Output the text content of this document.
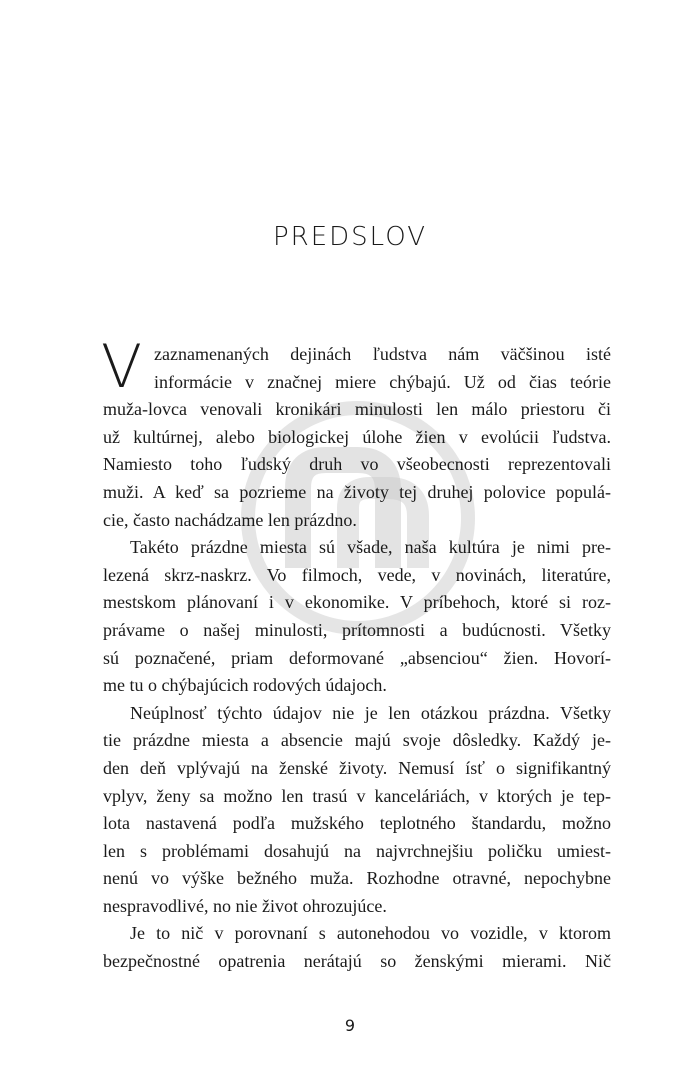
PREDSLOV
V zaznamenaných dejinách ľudstva nám väčšinou isté
informácie v značnej miere chýbajú. Už od čias teórie
muža-lovca venovali kronikári minulosti len málo priestoru či
už kultúrnej, alebo biologickej úlohe žien v evolúcii ľudstva.
Namiesto toho ľudský druh vo všeobecnosti reprezentovali
muži. A keď sa pozrieme na životy tej druhej polovice populá-
cie, často nachádzame len prázdno.
Takéto prázdne miesta sú všade, naša kultúra je nimi pre-
lezená skrz-naskrz. Vo filmoch, vede, v novinách, literatúre,
mestskom plánovaní i v ekonomike. V príbehoch, ktoré si roz-
právame o našej minulosti, prítomnosti a budúcnosti. Všetky
sú poznačené, priam deformované „absenciou“ žien. Hovorí-
me tu o chýbajúcich rodových údajoch.
Neúplnosť týchto údajov nie je len otázkou prázdna. Všetky
tie prázdne miesta a absencie majú svoje dôsledky. Každý je-
den deň vplývajú na ženské životy. Nemusí ísť o signifikantný
vplyv, ženy sa možno len trasú v kanceláriách, v ktorých je tep-
lota nastavená podľa mužského teplotného štandardu, možno
len s problémami dosahujú na najvrchnejšiu poličku umiest-
nenú vo výške bežného muža. Rozhodne otravné, nepochybne
nespravodlivé, no nie život ohrozujúce.
Je to nič v porovnaní s autonehodou vo vozidle, v ktorom
bezpečnostné opatrenia nerátajú so ženskými mierami. Nič
9
